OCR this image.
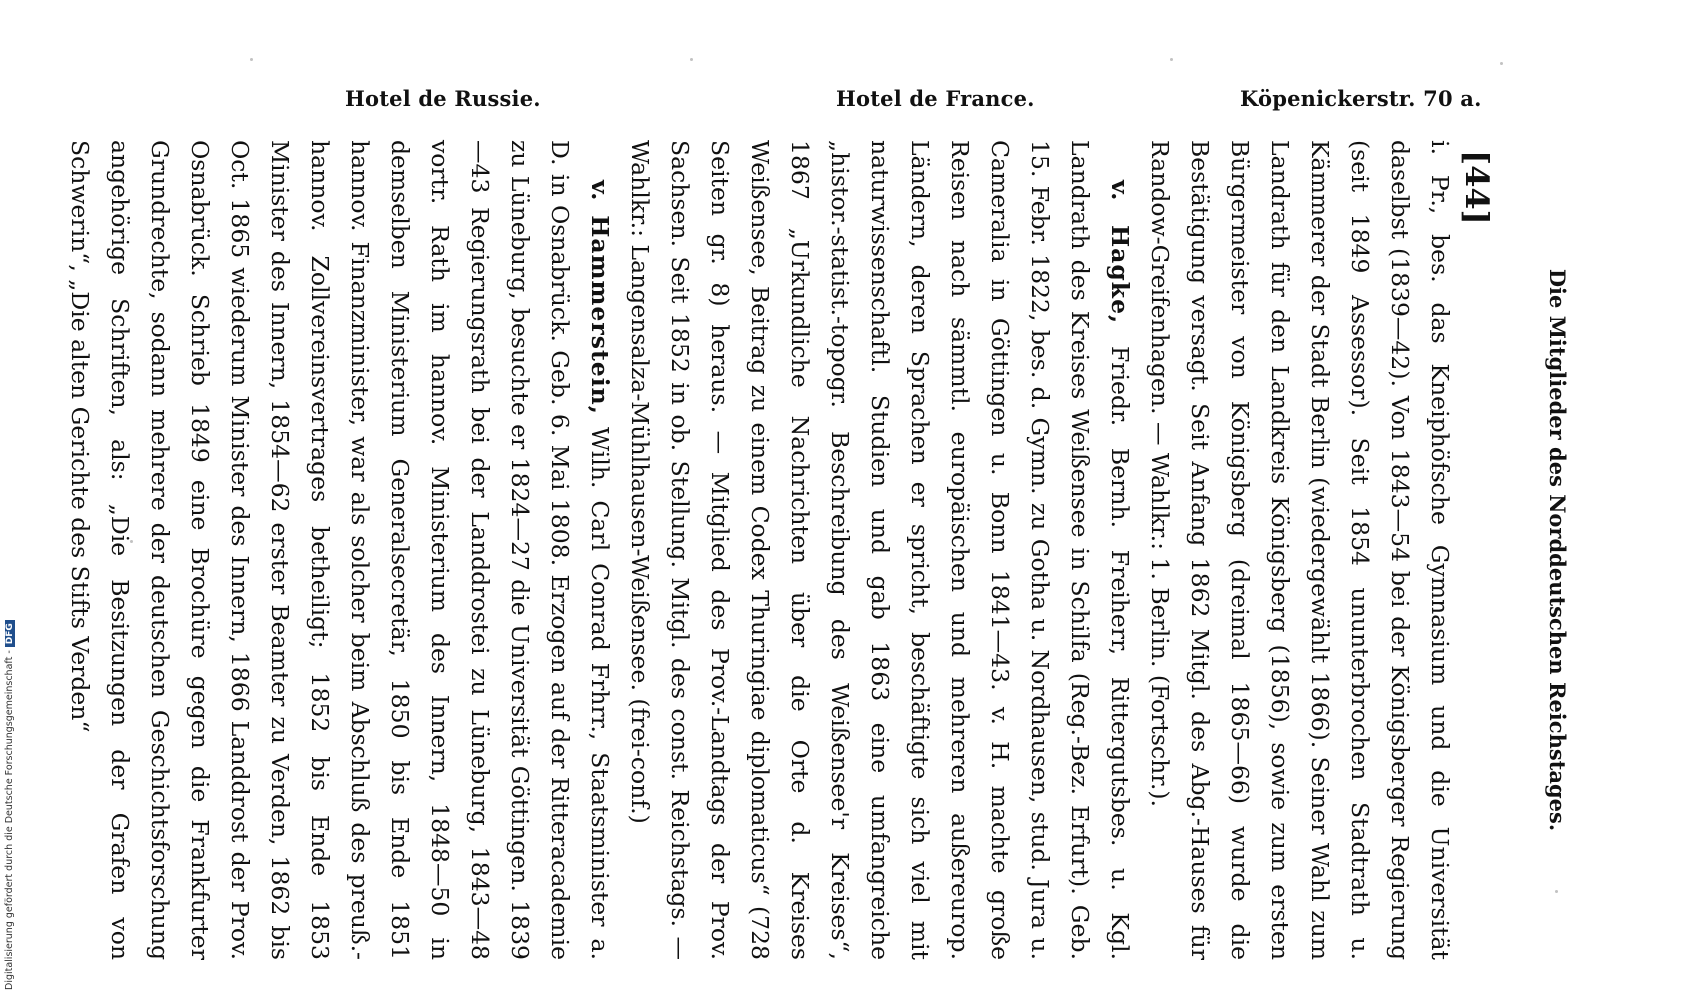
Hotel de Russie.	Hotel de France.	Köpenickerstr. 70 a.
Die Mitglieder des Norddeutschen Reichstages.
[44]

i. Pr., bes. das Kneiphöfsche Gymnasium und die Universität daselbst (1839—42). Von 1843—54 bei der Königsberger Regierung (seit 1849 Assessor). Seit 1854 ununterbrochen Stadtrath u. Kämmerer der Stadt Berlin (wiedergewählt 1866). Seiner Wahl zum Landrath für den Landkreis Königsberg (1856), sowie zum ersten Bürgermeister von Königsberg (dreimal 1865—66) wurde die Bestätigung versagt. Seit Anfang 1862 Mitgl. des Abg.-Hauses für Randow-Greifenhagen. — Wahlkr.: 1. Berlin. (Fortschr.).

v. Hagke, Friedr. Bernh. Freiherr, Rittergutsbes. u. Kgl. Landrath des Kreises Weißensee in Schilfa (Reg.-Bez. Erfurt). Geb. 15. Febr. 1822, bes. d. Gymn. zu Gotha u. Nordhausen, stud. Jura u. Cameralia in Göttingen u. Bonn 1841—43. v. H. machte große Reisen nach sämmtl. europäischen und mehreren außereurop. Ländern, deren Sprachen er spricht, beschäftigte sich viel mit naturwissenschaftl. Studien und gab 1863 eine umfangreiche „histor.-statist.-topogr. Beschreibung des Weißensee'r Kreises“, 1867 „Urkundliche Nachrichten über die Orte d. Kreises Weißensee, Beitrag zu einem Codex Thuringiae diplomaticus“ (728 Seiten gr. 8) heraus. — Mitglied des Prov.-Landtags der Prov. Sachsen. Seit 1852 in ob. Stellung. Mitgl. des const. Reichstags. — Wahlkr.: Langensalza-Mühlhausen-Weißensee. (frei-conf.)

v. Hammerstein, Wilh. Carl Conrad Frhrr., Staatsminister a. D. in Osnabrück. Geb. 6. Mai 1808. Erzogen auf der Ritteracademie zu Lüneburg, besuchte er 1824—27 die Universität Göttingen. 1839—43 Regierungsrath bei der Landdrostei zu Lüneburg, 1843—48 vortr. Rath im hannov. Ministerium des Innern, 1848—50 in demselben Ministerium Generalsecretär, 1850 bis Ende 1851 hannov. Finanzminister, war als solcher beim Abschluß des preuß.-hannov. Zollvereinsvertrages betheiligt; 1852 bis Ende 1853 Minister des Innern, 1854—62 erster Beamter zu Verden, 1862 bis Oct. 1865 wiederum Minister des Innern, 1866 Landdrost der Prov. Osnabrück. Schrieb 1849 eine Brochüre gegen die Frankfurter Grundrechte, sodann mehrere der deutschen Geschichtsforschung angehörige Schriften, als: „Die Besitzungen der Grafen von Schwerin“, „Die alten Gerichte des Stifts Verden“

Digitalisierung gefördert durch die Deutsche Forschungsgemeinschaft -DFG
